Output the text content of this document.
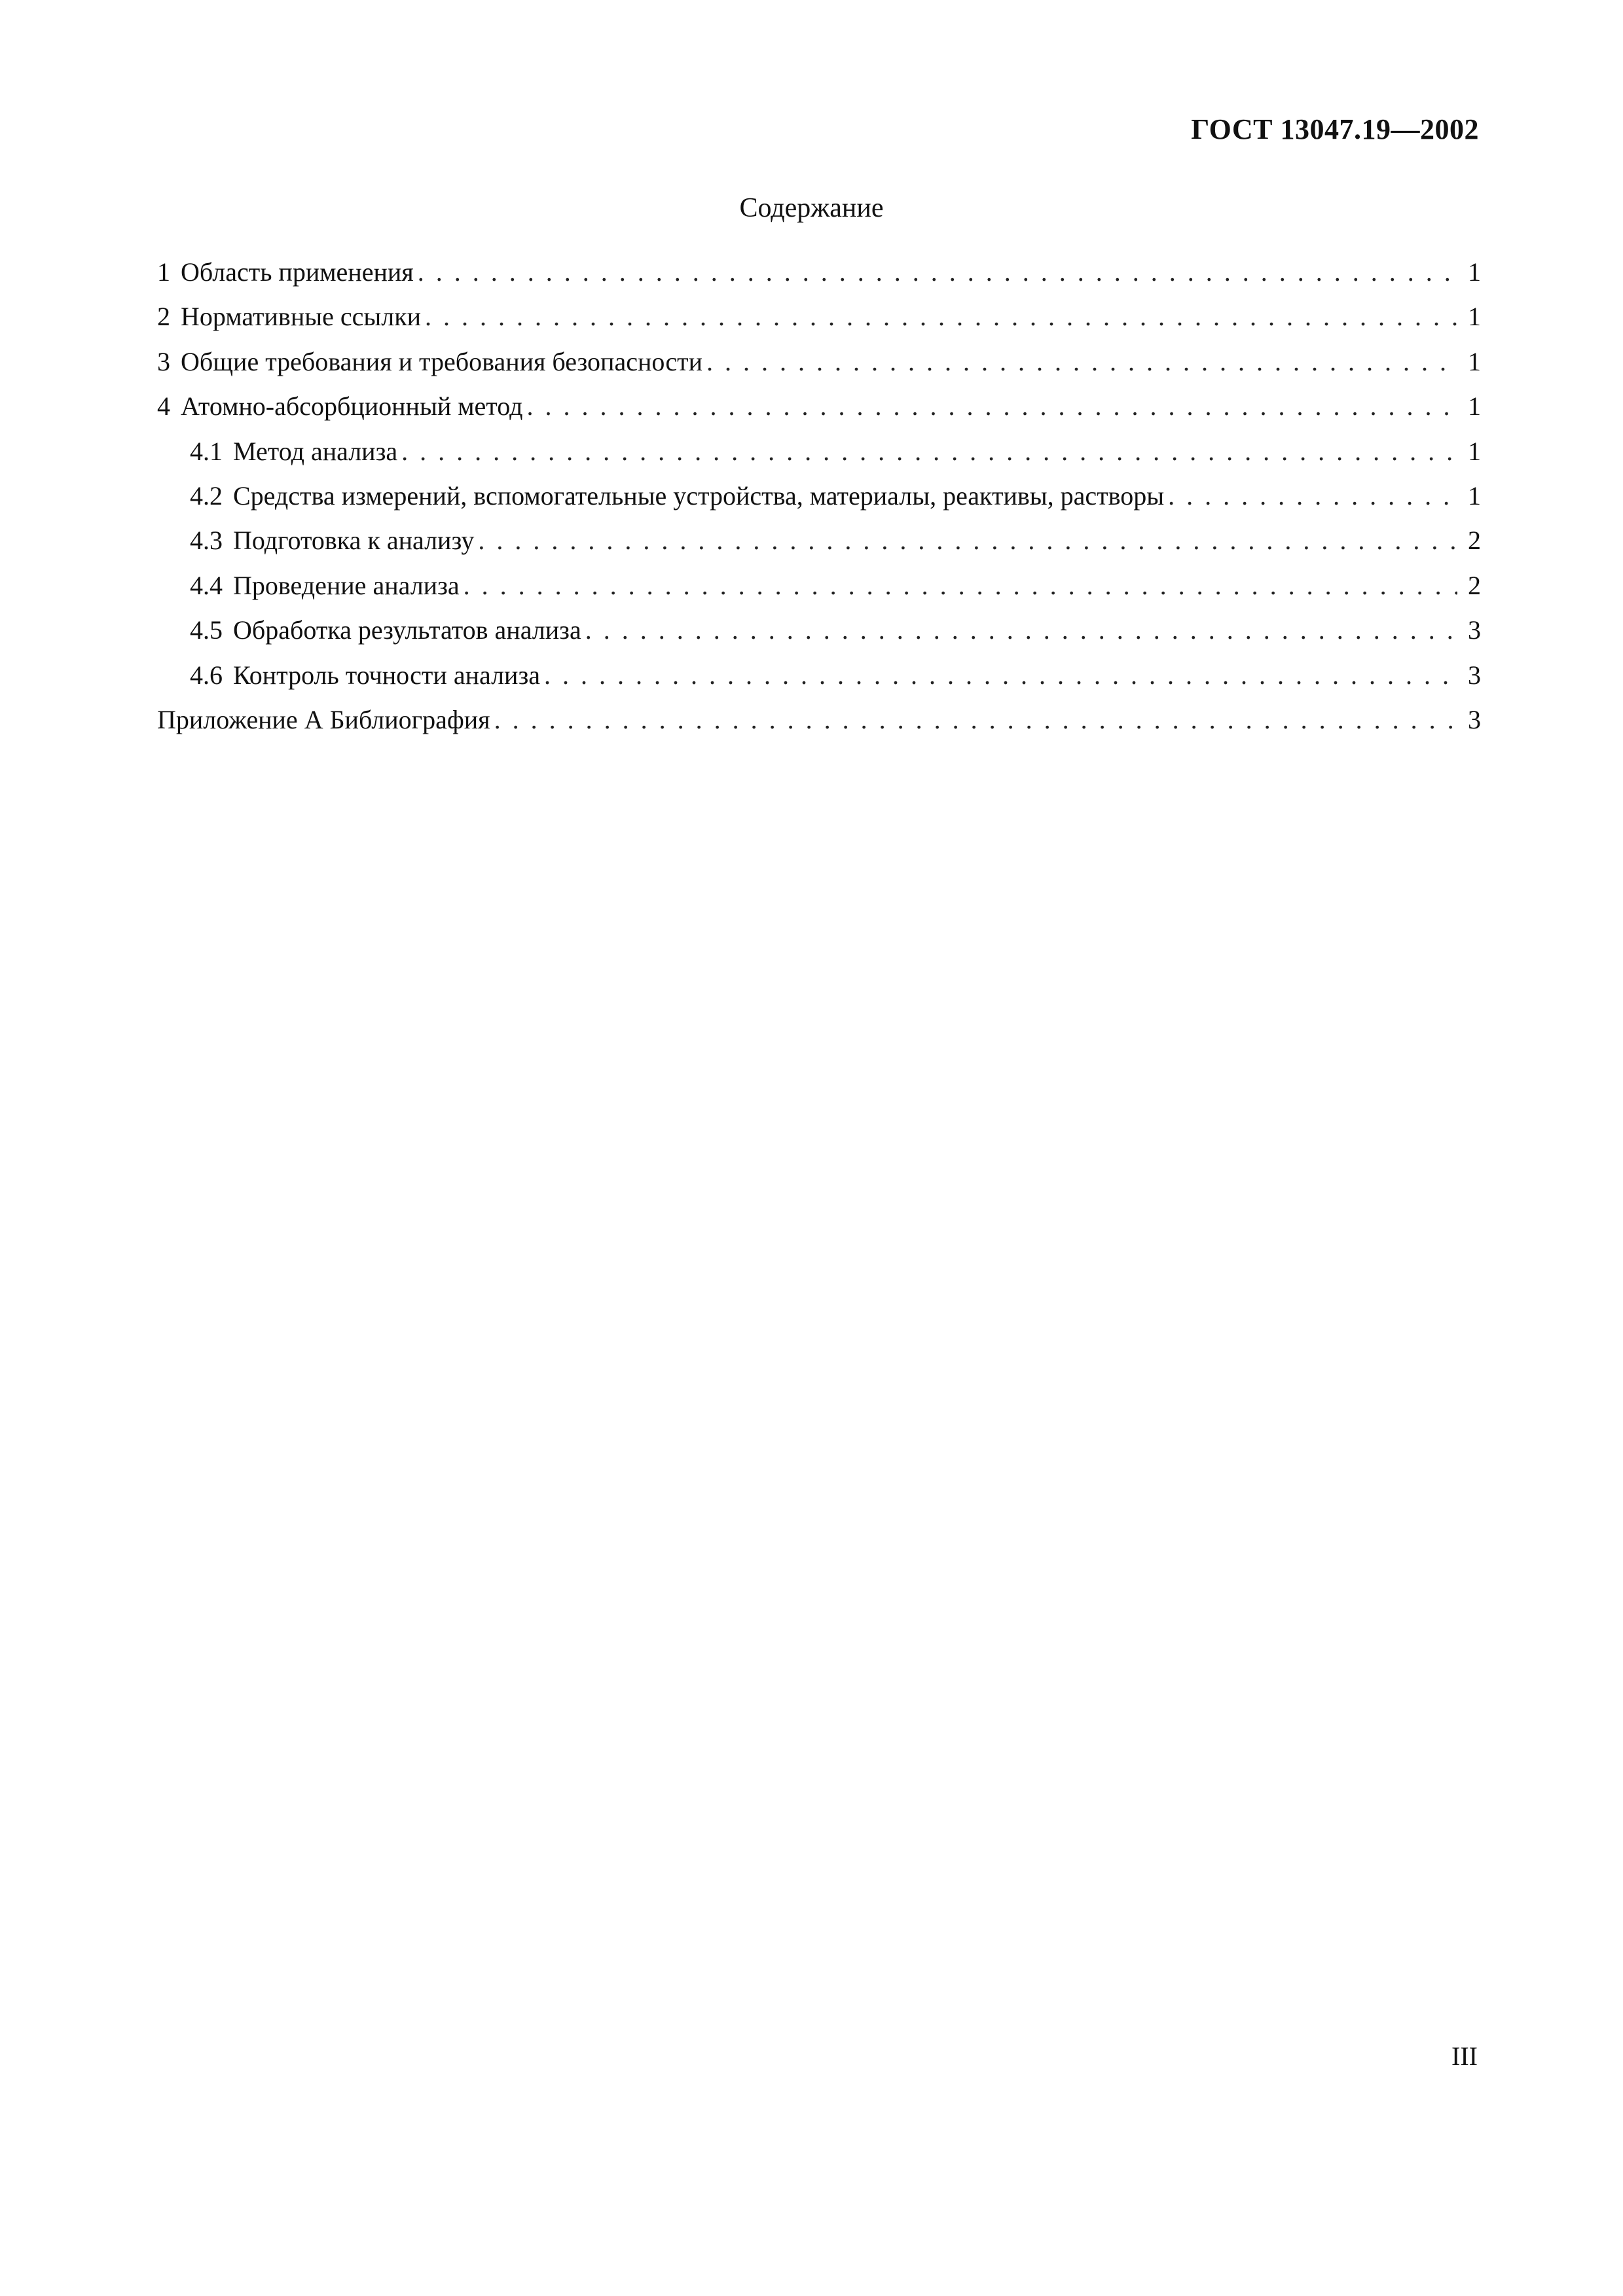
ГОСТ 13047.19—2002
Содержание
1 Область применения . . .	1
2 Нормативные ссылки . . .	1
3 Общие требования и требования безопасности . . .	1
4 Атомно-абсорбционный метод . . .	1
4.1 Метод анализа . . .	1
4.2 Средства измерений, вспомогательные устройства, материалы, реактивы, растворы . . .	1
4.3 Подготовка к анализу . . .	2
4.4 Проведение анализа . . .	2
4.5 Обработка результатов анализа . . .	3
4.6 Контроль точности анализа . . .	3
Приложение А Библиография . . .	3
III
